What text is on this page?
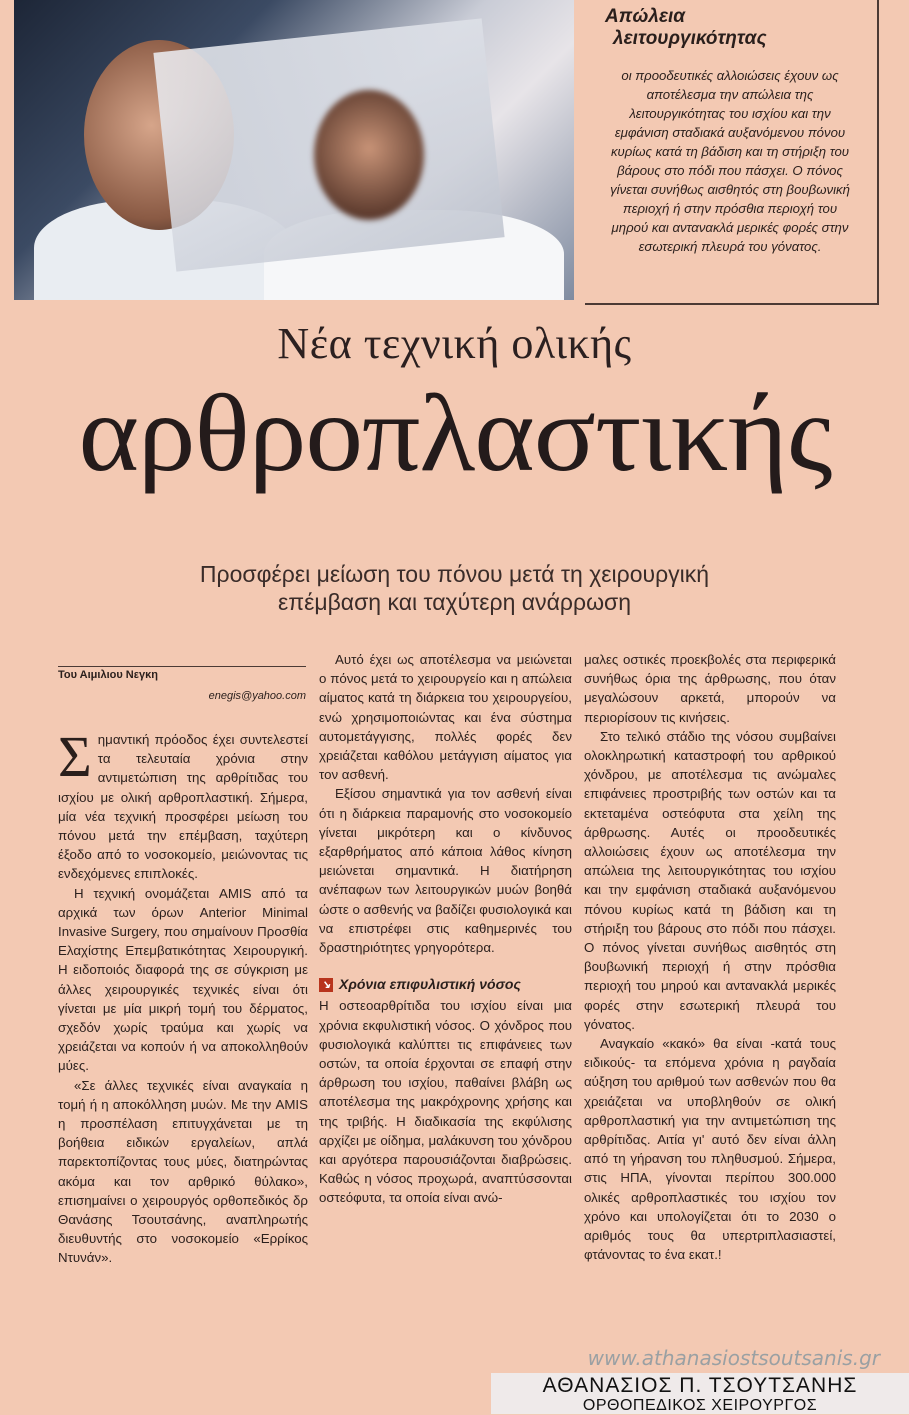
Απώλεια
λειτουργικότητας
οι προοδευτικές αλλοιώσεις έχουν ως αποτέλεσμα την απώλεια της λειτουργικότητας του ισχίου και την εμφάνιση σταδιακά αυξανόμενου πόνου κυρίως κατά τη βάδιση και τη στήριξη του βάρους στο πόδι που πάσχει. Ο πόνος γίνεται συνήθως αισθητός στη βουβωνική περιοχή ή στην πρόσθια περιοχή του μηρού και αντανακλά μερικές φορές στην εσωτερική πλευρά του γόνατος.
Νέα τεχνική ολικής
αρθροπλαστικής
Προσφέρει μείωση του πόνου μετά τη χειρουργική
επέμβαση και ταχύτερη ανάρρωση
Του Αιμιλιου Νεγκη
enegis@yahoo.com

Σημαντική πρόοδος έχει συντελεστεί τα τελευταία χρόνια στην αντιμετώπιση της αρθρίτιδας του ισχίου με ολική αρθροπλαστική. Σήμερα, μία νέα τεχνική προσφέρει μείωση του πόνου μετά την επέμβαση, ταχύτερη έξοδο από το νοσοκομείο, μειώνοντας τις ενδεχόμενες επιπλοκές.

Η τεχνική ονομάζεται AMIS από τα αρχικά των όρων Anterior Minimal Invasive Surgery, που σημαίνουν Προσθία Ελαχίστης Επεμβατικότητας Χειρουργική. Η ειδοποιός διαφορά της σε σύγκριση με άλλες χειρουργικές τεχνικές είναι ότι γίνεται με μία μικρή τομή του δέρματος, σχεδόν χωρίς τραύμα και χωρίς να χρειάζεται να κοπούν ή να αποκολληθούν μύες.

«Σε άλλες τεχνικές είναι αναγκαία η τομή ή η αποκόλληση μυών. Με την AMIS η προσπέλαση επιτυγχάνεται με τη βοήθεια ειδικών εργαλείων, απλά παρεκτοπίζοντας τους μύες, διατηρώντας ακόμα και τον αρθρικό θύλακο», επισημαίνει ο χειρουργός ορθοπεδικός δρ Θανάσης Τσουτσάνης, αναπληρωτής διευθυντής στο νοσοκομείο «Ερρίκος Ντυνάν».

Αυτό έχει ως αποτέλεσμα να μειώνεται ο πόνος μετά το χειρουργείο και η απώλεια αίματος κατά τη διάρκεια του χειρουργείου, ενώ χρησιμοποιώντας και ένα σύστημα αυτομετάγγισης, πολλές φορές δεν χρειάζεται καθόλου μετάγγιση αίματος για τον ασθενή.

Εξίσου σημαντικά για τον ασθενή είναι ότι η διάρκεια παραμονής στο νοσοκομείο γίνεται μικρότερη και ο κίνδυνος εξαρθρήματος από κάποια λάθος κίνηση μειώνεται σημαντικά. Η διατήρηση ανέπαφων των λειτουργικών μυών βοηθά ώστε ο ασθενής να βαδίζει φυσιολογικά και να επιστρέφει στις καθημερινές του δραστηριότητες γρηγορότερα.

↘ Χρόνια επιφυλιστική νόσος

Η οστεοαρθρίτιδα του ισχίου είναι μια χρόνια εκφυλιστική νόσος. Ο χόνδρος που φυσιολογικά καλύπτει τις επιφάνειες των οστών, τα οποία έρχονται σε επαφή στην άρθρωση του ισχίου, παθαίνει βλάβη ως αποτέλεσμα της μακρόχρονης χρήσης και της τριβής. Η διαδικασία της εκφύλισης αρχίζει με οίδημα, μαλάκυνση του χόνδρου και αργότερα παρουσιάζονται διαβρώσεις. Καθώς η νόσος προχωρά, αναπτύσσονται οστεόφυτα, τα οποία είναι ανώ-

μαλες οστικές προεκβολές στα περιφερικά συνήθως όρια της άρθρωσης, που όταν μεγαλώσουν αρκετά, μπορούν να περιορίσουν τις κινήσεις.

Στο τελικό στάδιο της νόσου συμβαίνει ολοκληρωτική καταστροφή του αρθρικού χόνδρου, με αποτέλεσμα τις ανώμαλες επιφάνειες προστριβής των οστών και τα εκτεταμένα οστεόφυτα στα χείλη της άρθρωσης. Αυτές οι προοδευτικές αλλοιώσεις έχουν ως αποτέλεσμα την απώλεια της λειτουργικότητας του ισχίου και την εμφάνιση σταδιακά αυξανόμενου πόνου κυρίως κατά τη βάδιση και τη στήριξη του βάρους στο πόδι που πάσχει. Ο πόνος γίνεται συνήθως αισθητός στη βουβωνική περιοχή ή στην πρόσθια περιοχή του μηρού και αντανακλά μερικές φορές στην εσωτερική πλευρά του γόνατος.

Αναγκαίο «κακό» θα είναι -κατά τους ειδικούς- τα επόμενα χρόνια η ραγδαία αύξηση του αριθμού των ασθενών που θα χρειάζεται να υποβληθούν σε ολική αρθροπλαστική για την αντιμετώπιση της αρθρίτιδας. Αιτία γι' αυτό δεν είναι άλλη από τη γήρανση του πληθυσμού. Σήμερα, στις ΗΠΑ, γίνονται περίπου 300.000 ολικές αρθροπλαστικές του ισχίου τον χρόνο και υπολογίζεται ότι το 2030 ο αριθμός τους θα υπερτριπλασιαστεί, φτάνοντας το ένα εκατ.!

www.athanasiostsoutsanis.gr
ΑΘΑΝΑΣΙΟΣ Π. ΤΣΟΥΤΣΑΝΗΣ
ΟΡΘΟΠΕΔΙΚΟΣ ΧΕΙΡΟΥΡΓΟΣ
